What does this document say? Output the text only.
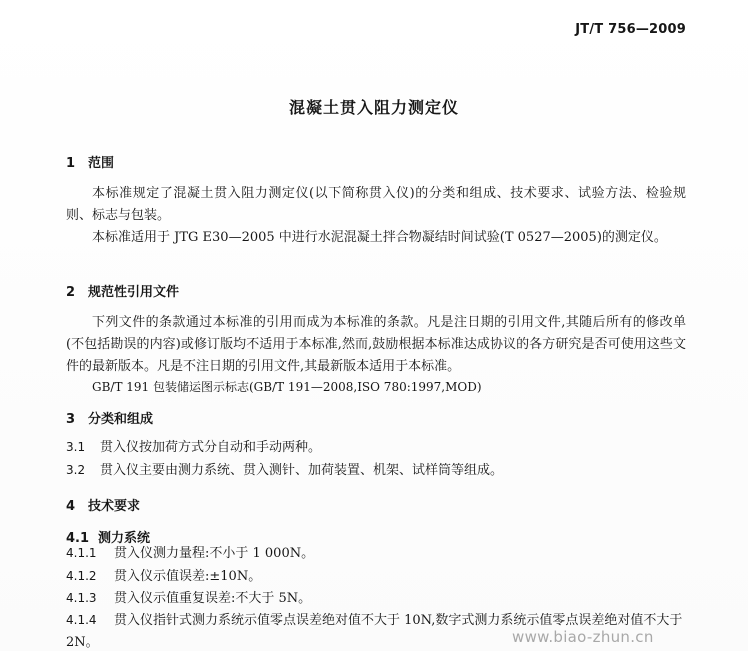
JT/T 756—2009
混凝土贯入阻力测定仪
1 范围
本标准规定了混凝土贯入阻力测定仪(以下简称贯入仪)的分类和组成、技术要求、试验方法、检验规则、标志与包装。
本标准适用于 JTG E30—2005 中进行水泥混凝土拌合物凝结时间试验(T 0527—2005)的测定仪。
2 规范性引用文件
下列文件的条款通过本标准的引用而成为本标准的条款。凡是注日期的引用文件,其随后所有的修改单(不包括勘误的内容)或修订版均不适用于本标准,然而,鼓励根据本标准达成协议的各方研究是否可使用这些文件的最新版本。凡是不注日期的引用文件,其最新版本适用于本标准。
GB/T 191 包装储运图示标志(GB/T 191—2008,ISO 780:1997,MOD)
3 分类和组成
3.1 贯入仪按加荷方式分自动和手动两种。
3.2 贯入仪主要由测力系统、贯入测针、加荷装置、机架、试样筒等组成。
4 技术要求
4.1 测力系统
4.1.1 贯入仪测力量程:不小于 1 000N。
4.1.2 贯入仪示值误差:±10N。
4.1.3 贯入仪示值重复误差:不大于 5N。
4.1.4 贯入仪指针式测力系统示值零点误差绝对值不大于 10N,数字式测力系统示值零点误差绝对值不大于 2N。	www.biao-zhun.cn
